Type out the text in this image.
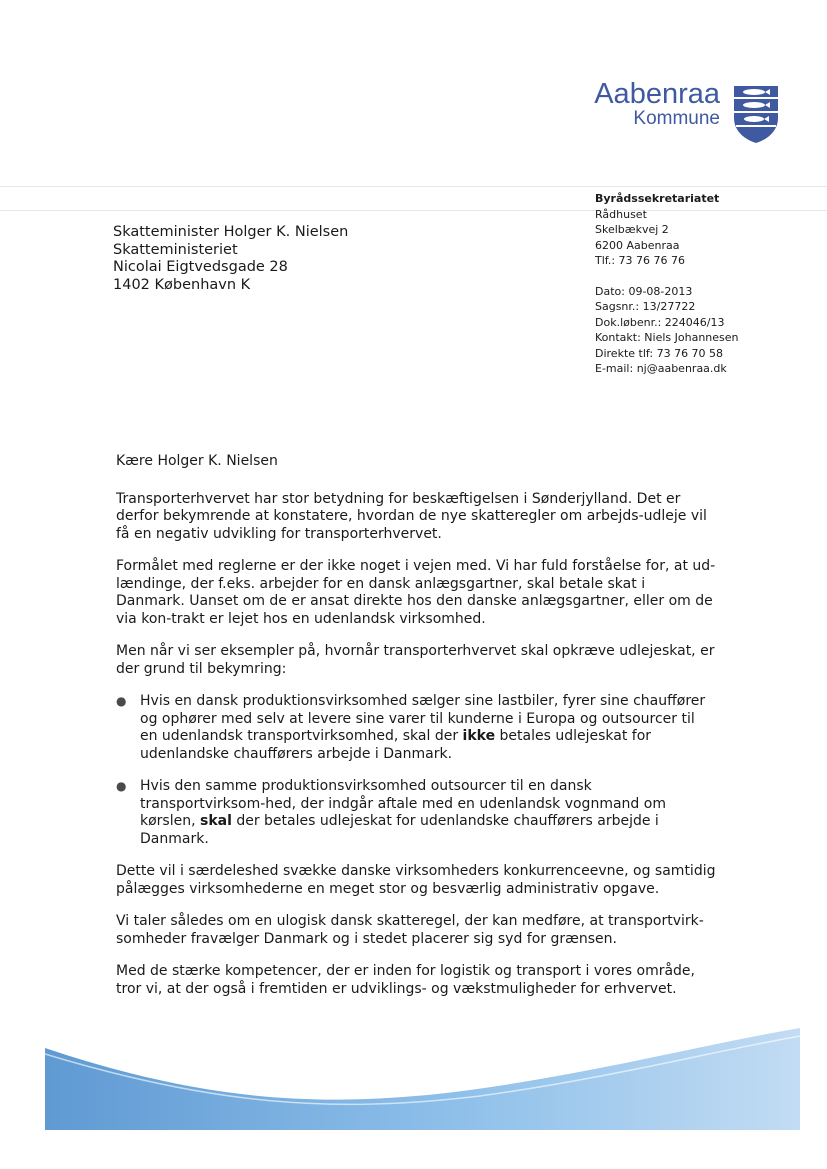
Aabenraa
Kommune
Skatteminister Holger K. Nielsen
Skatteministeriet
Nicolai Eigtvedsgade 28
1402 København K
Byrådssekretariatet
Rådhuset
Skelbækvej 2
6200 Aabenraa
Tlf.: 73 76 76 76
Dato: 09-08-2013
Sagsnr.: 13/27722
Dok.løbenr.: 224046/13
Kontakt: Niels Johannesen
Direkte tlf: 73 76 70 58
E-mail: nj@aabenraa.dk

Kære Holger K. Nielsen

Transporterhvervet har stor betydning for beskæftigelsen i Sønderjylland. Det er derfor bekymrende at konstatere, hvordan de nye skatteregler om arbejds-udleje vil få en negativ udvikling for transporterhvervet.

Formålet med reglerne er der ikke noget i vejen med. Vi har fuld forståelse for, at ud-lændinge, der f.eks. arbejder for en dansk anlægsgartner, skal betale skat i Danmark. Uanset om de er ansat direkte hos den danske anlægsgartner, eller om de via kon-trakt er lejet hos en udenlandsk virksomhed.

Men når vi ser eksempler på, hvornår transporterhvervet skal opkræve udlejeskat, er der grund til bekymring:

● Hvis en dansk produktionsvirksomhed sælger sine lastbiler, fyrer sine chauffører og ophører med selv at levere sine varer til kunderne i Europa og outsourcer til en udenlandsk transportvirksomhed, skal der ikke betales udlejeskat for udenlandske chaufførers arbejde i Danmark.
● Hvis den samme produktionsvirksomhed outsourcer til en dansk transportvirksom-hed, der indgår aftale med en udenlandsk vognmand om kørslen, skal der betales udlejeskat for udenlandske chaufførers arbejde i Danmark.

Dette vil i særdeleshed svække danske virksomheders konkurrenceevne, og samtidig pålægges virksomhederne en meget stor og besværlig administrativ opgave.

Vi taler således om en ulogisk dansk skatteregel, der kan medføre, at transportvirk-somheder fravælger Danmark og i stedet placerer sig syd for grænsen.

Med de stærke kompetencer, der er inden for logistik og transport i vores område, tror vi, at der også i fremtiden er udviklings- og vækstmuligheder for erhvervet.
